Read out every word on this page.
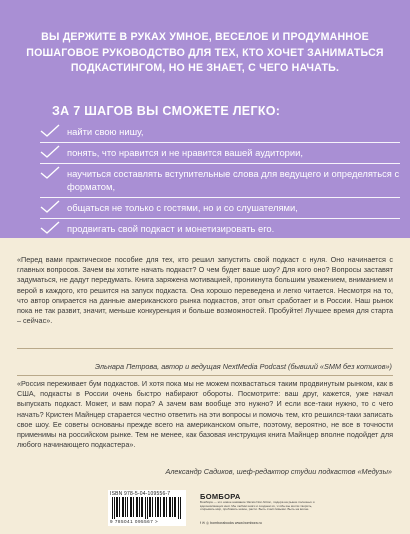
ВЫ ДЕРЖИТЕ В РУКАХ УМНОЕ, ВЕСЕЛОЕ И ПРОДУМАННОЕ ПОШАГОВОЕ РУКОВОДСТВО ДЛЯ ТЕХ, КТО ХОЧЕТ ЗАНИМАТЬСЯ ПОДКАСТИНГОМ, НО НЕ ЗНАЕТ, С ЧЕГО НАЧАТЬ.

ЗА 7 ШАГОВ ВЫ СМОЖЕТЕ ЛЕГКО:
найти свою нишу,
понять, что нравится и не нравится вашей аудитории,
научиться составлять вступительные слова для ведущего и определяться с форматом,
общаться не только с гостями, но и со слушателями,
продвигать свой подкаст и монетизировать его.

«Перед вами практическое пособие для тех, кто решил запустить свой подкаст с нуля. Оно начинается с главных вопросов. Зачем вы хотите начать подкаст? О чем будет ваше шоу? Для кого оно? Вопросы заставят задуматься, не дадут передумать. Книга заряжена мотивацией, проникнута большим уважением, вниманием и верой в каждого, кто решится на запуск подкаста. Она хорошо переведена и легко читается. Несмотря на то, что автор опирается на данные американского рынка подкастов, этот опыт сработает и в России. Наш рынок пока не так развит, значит, меньше конкуренция и больше возможностей. Пробуйте! Лучшее время для старта – сейчас».

Эльнара Петрова, автор и ведущая NextMedia Podcast (бывший «SMM без котиков»)

«Россия переживает бум подкастов. И хотя пока мы не можем похвастаться таким продвинутым рынком, как в США, подкасты в России очень быстро набирают обороты. Посмотрите: ваш друг, кажется, уже начал выпускать подкаст. Может, и вам пора? А зачем вам вообще это нужно? И если все-таки нужно, то с чего начать? Кристен Майнцер старается честно ответить на эти вопросы и помочь тем, кто решился-таки записать свое шоу. Ее советы основаны прежде всего на американском опыте, поэтому, вероятно, не все в точности применимы на российском рынке. Тем не менее, как базовая инструкция книга Майнцер вполне подойдет для любого начинающего подкастера».

Александр Садиков, шеф-редактор студии подкастов «Медузы»

ISBN 978-5-04-109556-7
9 785041 095567 >
БОМБОРА

Бомбора — это новое название Эксмо Non-fiction, лидера на рынке полезных и вдохновляющих книг. Мы любим книги и создаем их, чтобы вы могли творить, открывать мир, пробовать новое, расти. Быть счастливыми. Быть на волне.

f ✉ ◎ bomborabooks www.bombora.ru
